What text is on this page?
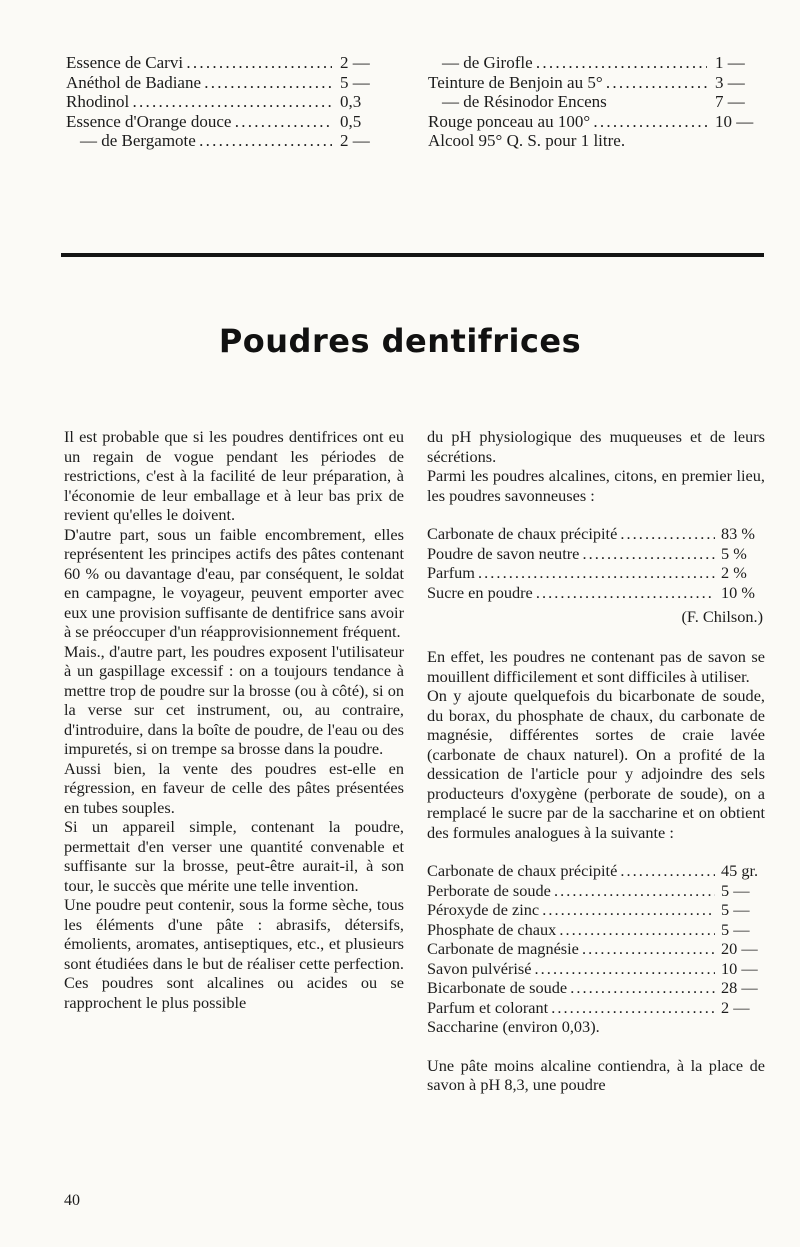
Essence de Carvi . . .	2 —
Anéthol de Badiane . . .	5 —
Rhodinol . . .	0,3
Essence d'Orange douce . . .	0,5
— de Bergamote . . .	2 —
— de Girofle . . .	1 —
Teinture de Benjoin au 5° . . .	3 —
— de Résinodor Encens	7 —
Rouge ponceau au 100° . . .	10 —
Alcool 95° Q. S. pour 1 litre.
Poudres dentifrices

Il est probable que si les poudres dentifrices ont eu un regain de vogue pendant les périodes de restrictions, c'est à la facilité de leur préparation, à l'économie de leur emballage et à leur bas prix de revient qu'elles le doivent.

D'autre part, sous un faible encombrement, elles représentent les principes actifs des pâtes contenant 60 % ou davantage d'eau, par conséquent, le soldat en campagne, le voyageur, peuvent emporter avec eux une provision suffisante de dentifrice sans avoir à se préoccuper d'un réapprovisionnement fréquent.

Mais., d'autre part, les poudres exposent l'utilisateur à un gaspillage excessif : on a toujours tendance à mettre trop de poudre sur la brosse (ou à côté), si on la verse sur cet instrument, ou, au contraire, d'introduire, dans la boîte de poudre, de l'eau ou des impuretés, si on trempe sa brosse dans la poudre.

Aussi bien, la vente des poudres est-elle en régression, en faveur de celle des pâtes présentées en tubes souples.

Si un appareil simple, contenant la poudre, permettait d'en verser une quantité convenable et suffisante sur la brosse, peut-être aurait-il, à son tour, le succès que mérite une telle invention.

Une poudre peut contenir, sous la forme sèche, tous les éléments d'une pâte : abrasifs, détersifs, émolients, aromates, antiseptiques, etc., et plusieurs sont étudiées dans le but de réaliser cette perfection. Ces poudres sont alcalines ou acides ou se rapprochent le plus possible

du pH physiologique des muqueuses et de leurs sécrétions.

Parmi les poudres alcalines, citons, en premier lieu, les poudres savonneuses :

Carbonate de chaux précipité . . .	83 %
Poudre de savon neutre . . .	5 %
Parfum . . .	2 %
Sucre en poudre . . .	10 %
(F. Chilson.)

En effet, les poudres ne contenant pas de savon se mouillent difficilement et sont difficiles à utiliser.

On y ajoute quelquefois du bicarbonate de soude, du borax, du phosphate de chaux, du carbonate de magnésie, différentes sortes de craie lavée (carbonate de chaux naturel). On a profité de la dessication de l'article pour y adjoindre des sels producteurs d'oxygène (perborate de soude), on a remplacé le sucre par de la saccharine et on obtient des formules analogues à la suivante :

Carbonate de chaux précipité . . .	45 gr.
Perborate de soude . . .	5 —
Péroxyde de zinc . . .	5 —
Phosphate de chaux . . .	5 —
Carbonate de magnésie . . .	20 —
Savon pulvérisé . . .	10 —
Bicarbonate de soude . . .	28 —
Parfum et colorant . . .	2 —
Saccharine (environ 0,03).

Une pâte moins alcaline contiendra, à la place de savon à pH 8,3, une poudre

40
